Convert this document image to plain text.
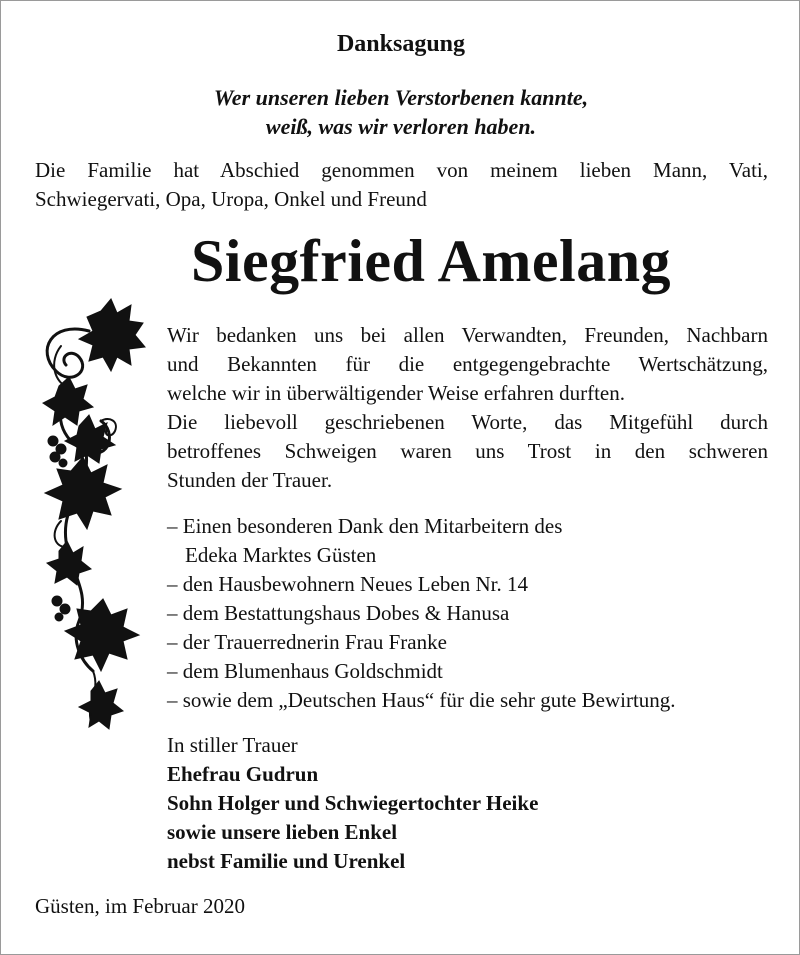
Danksagung
Wer unseren lieben Verstorbenen kannte,
weiß, was wir verloren haben.
Die Familie hat Abschied genommen von meinem lieben Mann, Vati,
Schwiegervati, Opa, Uropa, Onkel und Freund
Siegfried Amelang
Wir bedanken uns bei allen Verwandten, Freunden, Nachbarn
und Bekannten für die entgegengebrachte Wertschätzung,
welche wir in überwältigender Weise erfahren durften.
Die liebevoll geschriebenen Worte, das Mitgefühl durch
betroffenes Schweigen waren uns Trost in den schweren
Stunden der Trauer.
– Einen besonderen Dank den Mitarbeitern des
Edeka Marktes Güsten
– den Hausbewohnern Neues Leben Nr. 14
– dem Bestattungshaus Dobes & Hanusa
– der Trauerrednerin Frau Franke
– dem Blumenhaus Goldschmidt
– sowie dem „Deutschen Haus“ für die sehr gute Bewirtung.
In stiller Trauer
Ehefrau Gudrun
Sohn Holger und Schwiegertochter Heike
sowie unsere lieben Enkel
nebst Familie und Urenkel
Güsten, im Februar 2020
